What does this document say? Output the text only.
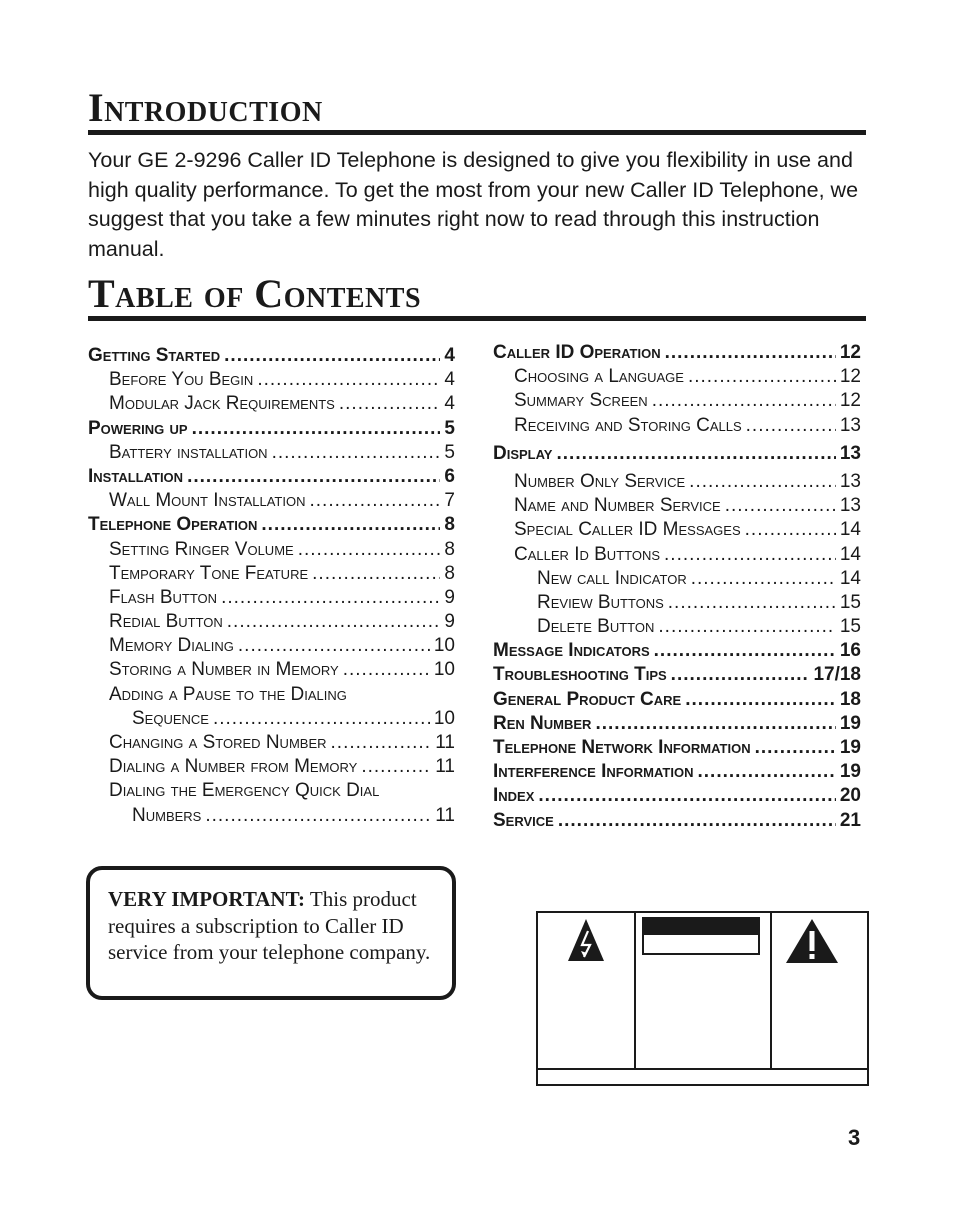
Introduction
Your GE 2-9296 Caller ID Telephone is designed to give you flexibility in use and high quality performance. To get the most from your new Caller ID Telephone, we suggest that you take a few minutes right now to read through this instruction manual.
Table of Contents
Getting Started .....	4
Before You Begin .....	4
Modular Jack Requirements .....	4
Powering up .....	5
Battery installation .....	5
Installation .....	6
Wall Mount Installation .....	7
Telephone Operation .....	8
Setting Ringer Volume .....	8
Temporary Tone Feature .....	8
Flash Button .....	9
Redial Button .....	9
Memory Dialing .....	10
Storing a Number in Memory .....	10
Adding a Pause to the Dialing
Sequence .....	10
Changing a Stored Number .....	11
Dialing a Number from Memory .....	11
Dialing the Emergency Quick Dial
Numbers .....	11
Caller ID Operation .....	12
Choosing a Language .....	12
Summary Screen .....	12
Receiving and Storing Calls .....	13
Display .....	13
Number Only Service .....	13
Name and Number Service .....	13
Special Caller ID Messages .....	14
Caller Id Buttons .....	14
New call Indicator .....	14
Review Buttons .....	15
Delete Button .....	15
Message Indicators .....	16
Troubleshooting Tips .....	17/18
General Product Care .....	18
Ren Number .....	19
Telephone Network Information .....	19
Interference Information .....	19
Index .....	20
Service .....	21
VERY IMPORTANT: This product requires a subscription to Caller ID service from your telephone company.
3
